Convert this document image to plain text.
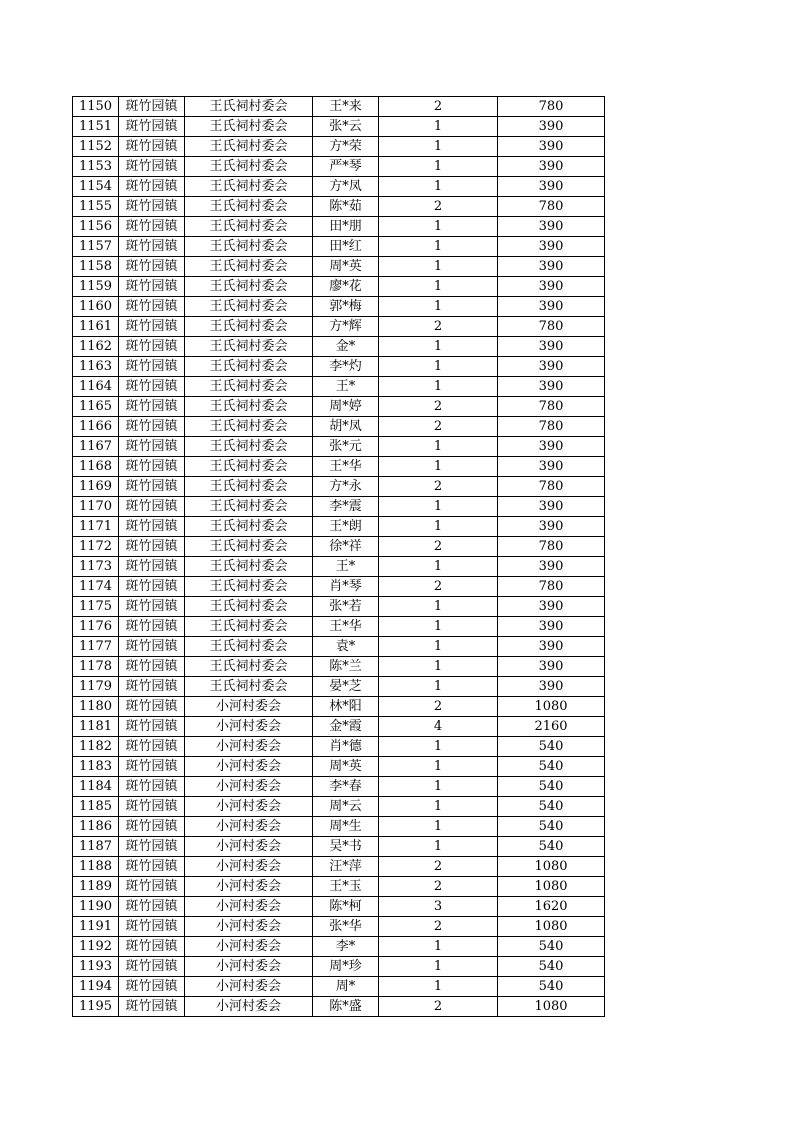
1150	斑竹园镇	王氏祠村委会	王*来	2	780
1151	斑竹园镇	王氏祠村委会	张*云	1	390
1152	斑竹园镇	王氏祠村委会	方*荣	1	390
1153	斑竹园镇	王氏祠村委会	严*琴	1	390
1154	斑竹园镇	王氏祠村委会	方*凤	1	390
1155	斑竹园镇	王氏祠村委会	陈*茹	2	780
1156	斑竹园镇	王氏祠村委会	田*朋	1	390
1157	斑竹园镇	王氏祠村委会	田*红	1	390
1158	斑竹园镇	王氏祠村委会	周*英	1	390
1159	斑竹园镇	王氏祠村委会	廖*花	1	390
1160	斑竹园镇	王氏祠村委会	郭*梅	1	390
1161	斑竹园镇	王氏祠村委会	方*辉	2	780
1162	斑竹园镇	王氏祠村委会	金*	1	390
1163	斑竹园镇	王氏祠村委会	李*灼	1	390
1164	斑竹园镇	王氏祠村委会	王*	1	390
1165	斑竹园镇	王氏祠村委会	周*婷	2	780
1166	斑竹园镇	王氏祠村委会	胡*凤	2	780
1167	斑竹园镇	王氏祠村委会	张*元	1	390
1168	斑竹园镇	王氏祠村委会	王*华	1	390
1169	斑竹园镇	王氏祠村委会	方*永	2	780
1170	斑竹园镇	王氏祠村委会	李*震	1	390
1171	斑竹园镇	王氏祠村委会	王*朗	1	390
1172	斑竹园镇	王氏祠村委会	徐*祥	2	780
1173	斑竹园镇	王氏祠村委会	王*	1	390
1174	斑竹园镇	王氏祠村委会	肖*琴	2	780
1175	斑竹园镇	王氏祠村委会	张*若	1	390
1176	斑竹园镇	王氏祠村委会	王*华	1	390
1177	斑竹园镇	王氏祠村委会	袁*	1	390
1178	斑竹园镇	王氏祠村委会	陈*兰	1	390
1179	斑竹园镇	王氏祠村委会	晏*芝	1	390
1180	斑竹园镇	小河村委会	林*阳	2	1080
1181	斑竹园镇	小河村委会	金*霞	4	2160
1182	斑竹园镇	小河村委会	肖*德	1	540
1183	斑竹园镇	小河村委会	周*英	1	540
1184	斑竹园镇	小河村委会	李*春	1	540
1185	斑竹园镇	小河村委会	周*云	1	540
1186	斑竹园镇	小河村委会	周*生	1	540
1187	斑竹园镇	小河村委会	吴*书	1	540
1188	斑竹园镇	小河村委会	汪*萍	2	1080
1189	斑竹园镇	小河村委会	王*玉	2	1080
1190	斑竹园镇	小河村委会	陈*柯	3	1620
1191	斑竹园镇	小河村委会	张*华	2	1080
1192	斑竹园镇	小河村委会	李*	1	540
1193	斑竹园镇	小河村委会	周*珍	1	540
1194	斑竹园镇	小河村委会	周*	1	540
1195	斑竹园镇	小河村委会	陈*盛	2	1080
